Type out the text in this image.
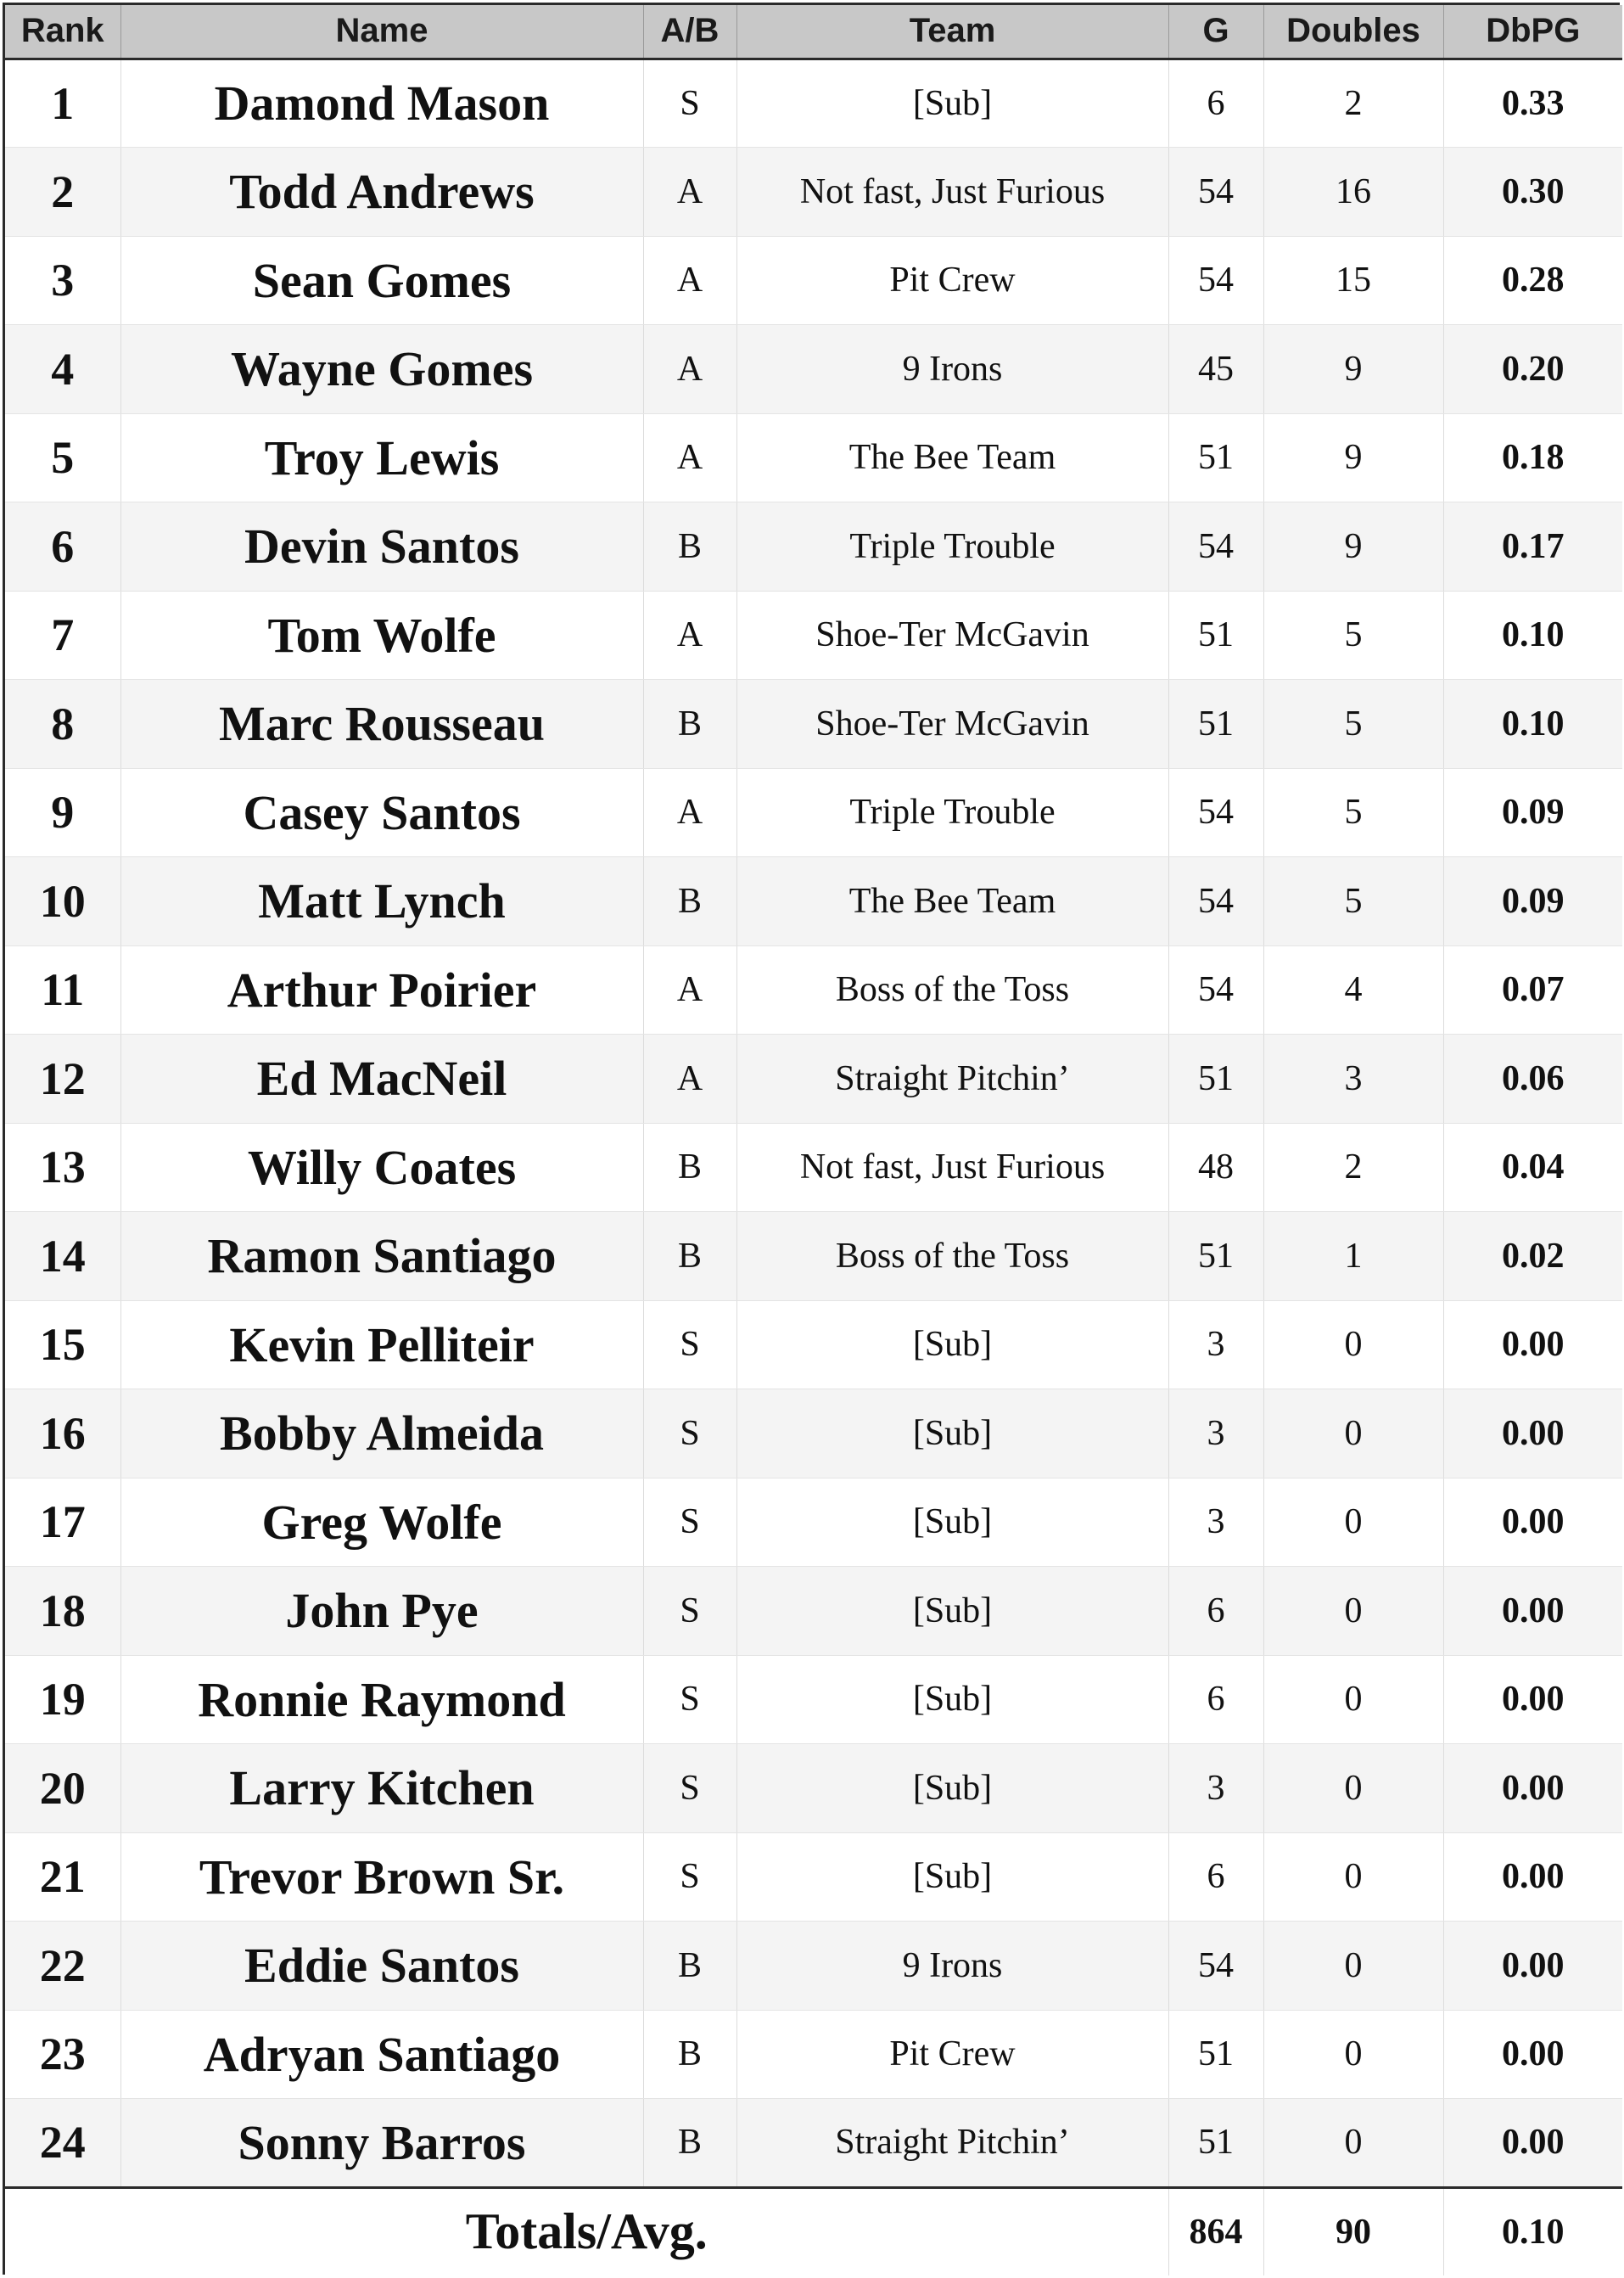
Rank	Name	A/B	Team	G	Doubles	DbPG
1	Damond Mason	S	[Sub]	6	2	0.33
2	Todd Andrews	A	Not fast, Just Furious	54	16	0.30
3	Sean Gomes	A	Pit Crew	54	15	0.28
4	Wayne Gomes	A	9 Irons	45	9	0.20
5	Troy Lewis	A	The Bee Team	51	9	0.18
6	Devin Santos	B	Triple Trouble	54	9	0.17
7	Tom Wolfe	A	Shoe-Ter McGavin	51	5	0.10
8	Marc Rousseau	B	Shoe-Ter McGavin	51	5	0.10
9	Casey Santos	A	Triple Trouble	54	5	0.09
10	Matt Lynch	B	The Bee Team	54	5	0.09
11	Arthur Poirier	A	Boss of the Toss	54	4	0.07
12	Ed MacNeil	A	Straight Pitchin’	51	3	0.06
13	Willy Coates	B	Not fast, Just Furious	48	2	0.04
14	Ramon Santiago	B	Boss of the Toss	51	1	0.02
15	Kevin Pelliteir	S	[Sub]	3	0	0.00
16	Bobby Almeida	S	[Sub]	3	0	0.00
17	Greg Wolfe	S	[Sub]	3	0	0.00
18	John Pye	S	[Sub]	6	0	0.00
19	Ronnie Raymond	S	[Sub]	6	0	0.00
20	Larry Kitchen	S	[Sub]	3	0	0.00
21	Trevor Brown Sr.	S	[Sub]	6	0	0.00
22	Eddie Santos	B	9 Irons	54	0	0.00
23	Adryan Santiago	B	Pit Crew	51	0	0.00
24	Sonny Barros	B	Straight Pitchin’	51	0	0.00
Totals/Avg.				864	90	0.10
